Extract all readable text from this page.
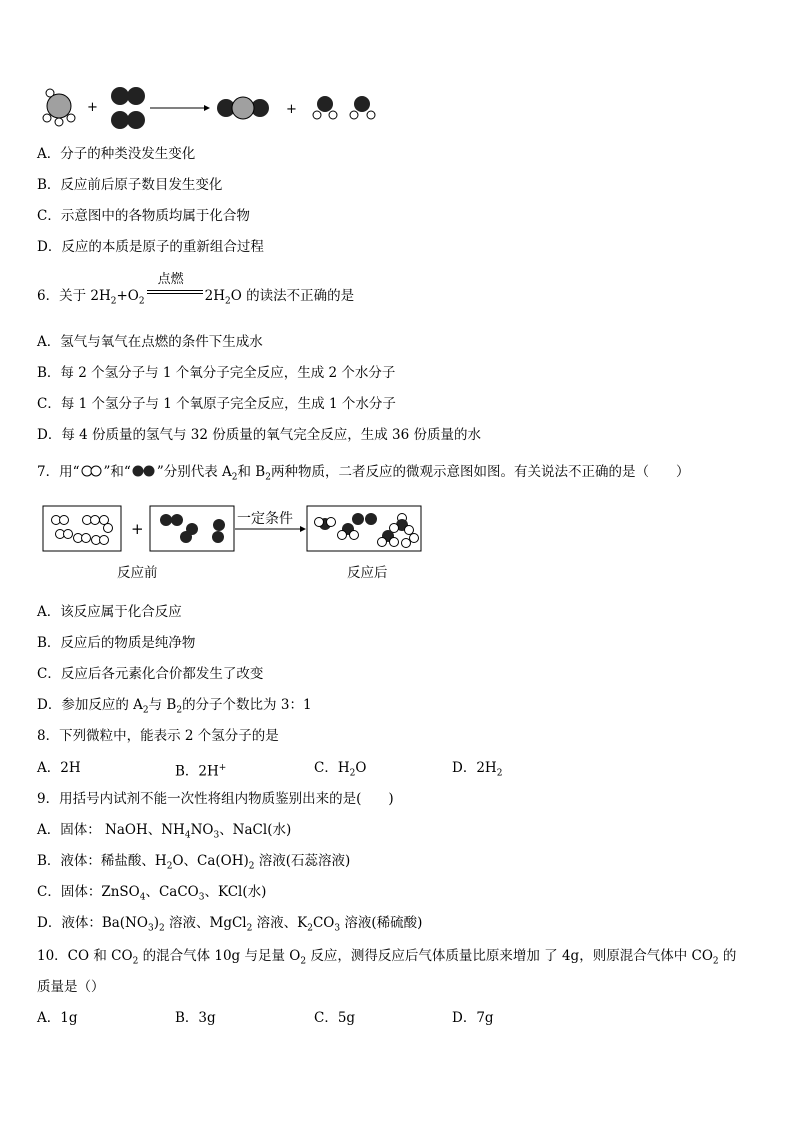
+	+
A．分子的种类没发生变化
B．反应前后原子数目发生变化
C．示意图中的各物质均属于化合物
D．反应的本质是原子的重新组合过程
6．关于 $2H_2+O_2$
点燃
$2H_2O$ 的读法不正确的是
A．氢气与氧气在点燃的条件下生成水
B．每 2 个氢分子与 1 个氧分子完全反应，生成 2 个水分子
C．每 1 个氢分子与 1 个氧原子完全反应，生成 1 个水分子
D．每 4 份质量的氢气与 32 份质量的氧气完全反应，生成 36 份质量的水
7．用“ ”和“ ”分别代表 $A_2$和 $B_2$两种物质，二者反应的微观示意图如图。有关说法不正确的是（　　）
+
一定条件
反应前	反应后
A．该反应属于化合反应
B．反应后的物质是纯净物
C．反应后各元素化合价都发生了改变
D．参加反应的 $A_2$与 $B_2$的分子个数比为 3：1
8．下列微粒中，能表示 2 个氢分子的是
A．2H	B．2H+	C．$H_2O$	D．$2H_2$
9．用括号内试剂不能一次性将组内物质鉴别出来的是(　　)
A．固体： NaOH、$NH_4NO_3$、NaCl(水)
B．液体：稀盐酸、$H_2O$、$Ca(OH)_2$ 溶液(石蕊溶液)
C．固体：ZnSO$_4$、CaCO$_3$、KCl(水)
D．液体：$Ba(NO_3)_2$ 溶液、MgCl$_2$ 溶液、$K_2CO_3$ 溶液(稀硫酸)
10．CO 和 $CO_2$ 的混合气体 10g 与足量 $O_2$ 反应，测得反应后气体质量比原来增加 了 4g，则原混合气体中 $CO_2$ 的
质量是（）
A．1g	B．3g	C．5g	D．7g
